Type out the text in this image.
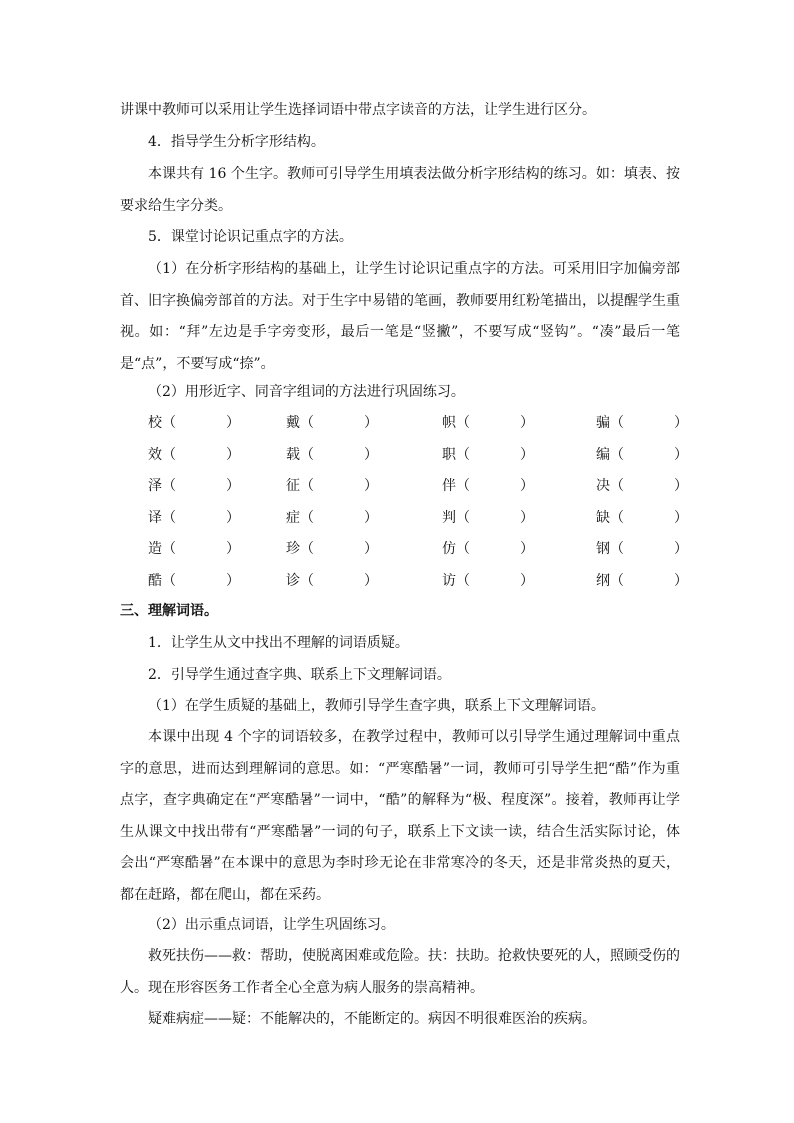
讲课中教师可以采用让学生选择词语中带点字读音的方法，让学生进行区分。

4．指导学生分析字形结构。

本课共有 16 个生字。教师可引导学生用填表法做分析字形结构的练习。如：填表、按要求给生字分类。

5．课堂讨论识记重点字的方法。

（1）在分析字形结构的基础上，让学生讨论识记重点字的方法。可采用旧字加偏旁部首、旧字换偏旁部首的方法。对于生字中易错的笔画，教师要用红粉笔描出，以提醒学生重视。如：“拜”左边是手字旁变形，最后一笔是“竖撇”，不要写成“竖钩”。“凑”最后一笔是“点”，不要写成“捺”。

（2）用形近字、同音字组词的方法进行巩固练习。

校（	）	戴（	）	帜（	）	骗（	）
效（	）	载（	）	职（	）	编（	）
泽（	）	征（	）	伴（	）	决（	）
译（	）	症（	）	判（	）	缺（	）
造（	）	珍（	）	仿（	）	钢（	）
酷（	）	诊（	）	访（	）	纲（	）

三、理解词语。

1．让学生从文中找出不理解的词语质疑。

2．引导学生通过查字典、联系上下文理解词语。

（1）在学生质疑的基础上，教师引导学生查字典，联系上下文理解词语。

本课中出现 4 个字的词语较多，在教学过程中，教师可以引导学生通过理解词中重点字的意思，进而达到理解词的意思。如：“严寒酷暑”一词，教师可引导学生把“酷”作为重点字，查字典确定在“严寒酷暑”一词中，“酷”的解释为“极、程度深”。接着，教师再让学生从课文中找出带有“严寒酷暑”一词的句子，联系上下文读一读，结合生活实际讨论，体会出“严寒酷暑”在本课中的意思为李时珍无论在非常寒冷的冬天，还是非常炎热的夏天，都在赶路，都在爬山，都在采药。

（2）出示重点词语，让学生巩固练习。

救死扶伤——救：帮助，使脱离困难或危险。扶：扶助。抢救快要死的人，照顾受伤的人。现在形容医务工作者全心全意为病人服务的崇高精神。

疑难病症——疑：不能解决的，不能断定的。病因不明很难医治的疾病。
